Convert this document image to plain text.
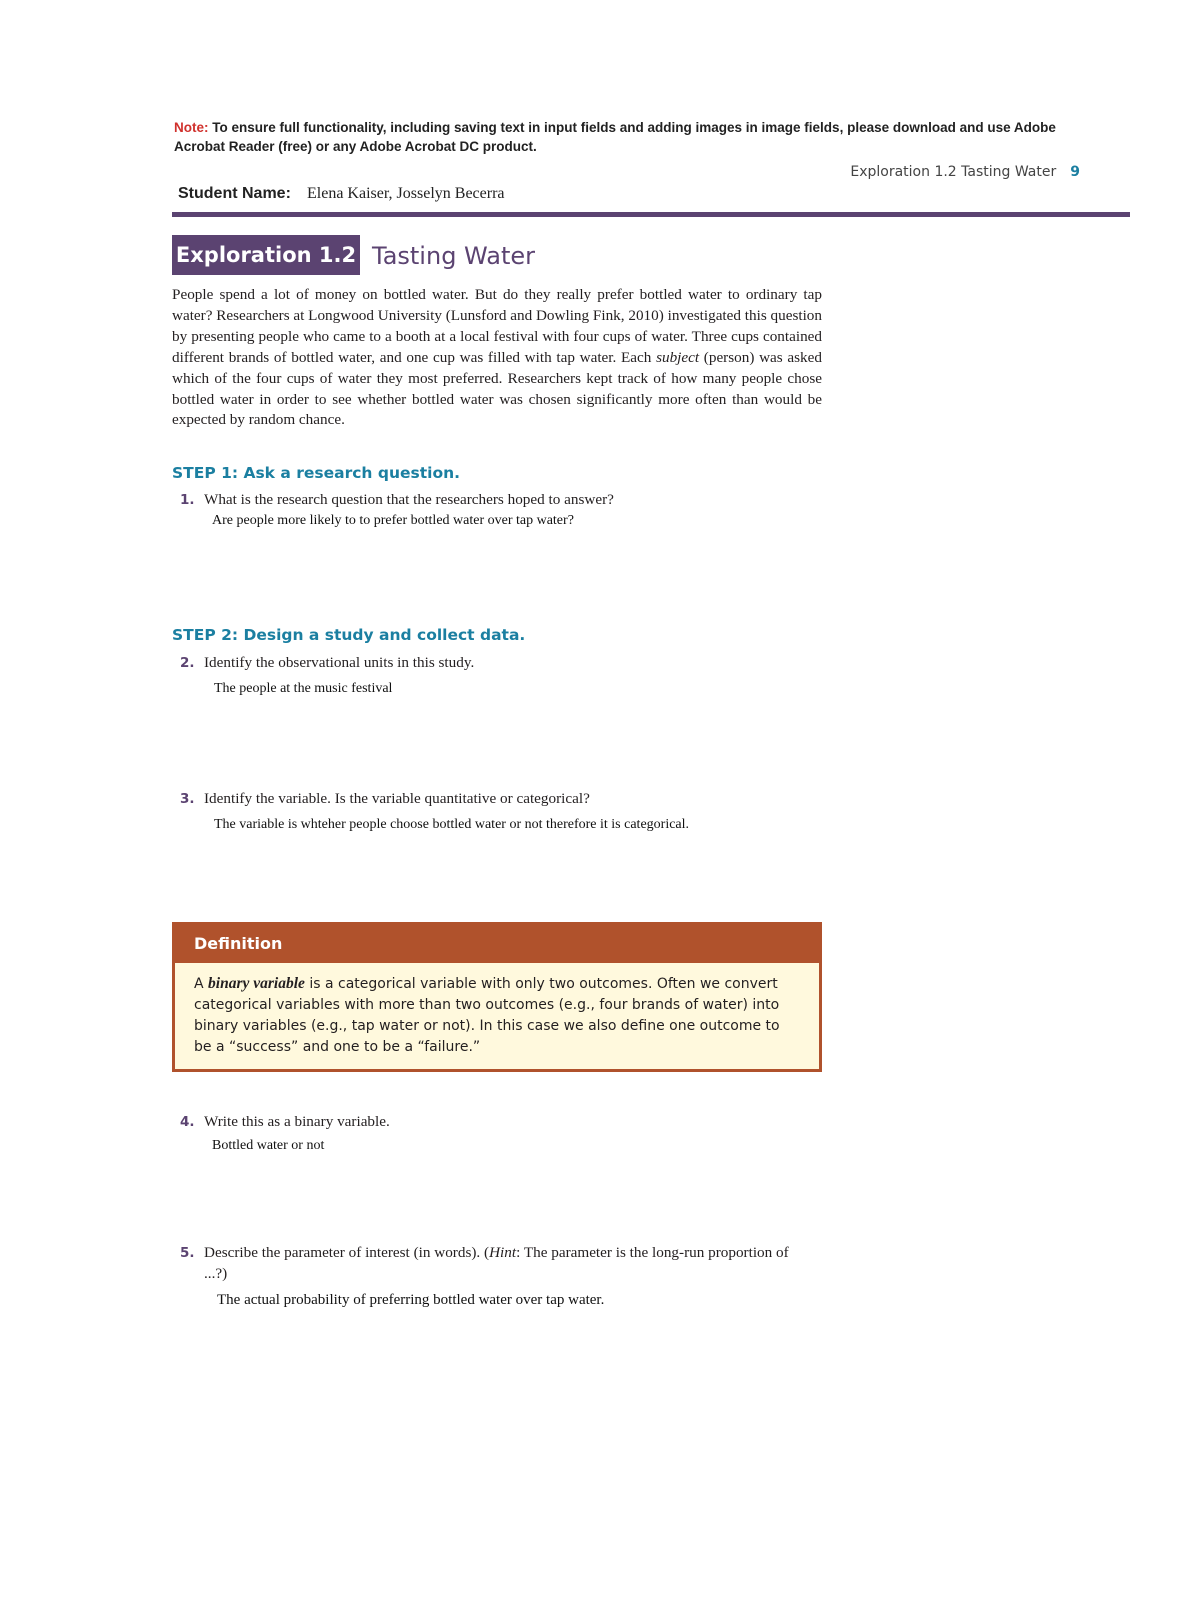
Note: To ensure full functionality, including saving text in input fields and adding images in image fields, please download and use Adobe Acrobat Reader (free) or any Adobe Acrobat DC product.
Exploration 1.2 Tasting Water 9
Student Name: Elena Kaiser, Josselyn Becerra
Exploration 1.2 Tasting Water
People spend a lot of money on bottled water. But do they really prefer bottled water to ordinary tap water? Researchers at Longwood University (Lunsford and Dowling Fink, 2010) investigated this question by presenting people who came to a booth at a local festival with four cups of water. Three cups contained different brands of bottled water, and one cup was filled with tap water. Each subject (person) was asked which of the four cups of water they most preferred. Researchers kept track of how many people chose bottled water in order to see whether bottled water was chosen significantly more often than would be expected by random chance.
STEP 1: Ask a research question.
1. What is the research question that the researchers hoped to answer?
Are people more likely to to prefer bottled water over tap water?
STEP 2: Design a study and collect data.
2. Identify the observational units in this study.
The people at the music festival
3. Identify the variable. Is the variable quantitative or categorical?
The variable is whteher people choose bottled water or not therefore it is categorical.
Definition
A binary variable is a categorical variable with only two outcomes. Often we convert categorical variables with more than two outcomes (e.g., four brands of water) into binary variables (e.g., tap water or not). In this case we also define one outcome to be a “success” and one to be a “failure.”
4. Write this as a binary variable.
Bottled water or not
5. Describe the parameter of interest (in words). (Hint: The parameter is the long-run proportion of ...?)
The actual probability of preferring bottled water over tap water.
